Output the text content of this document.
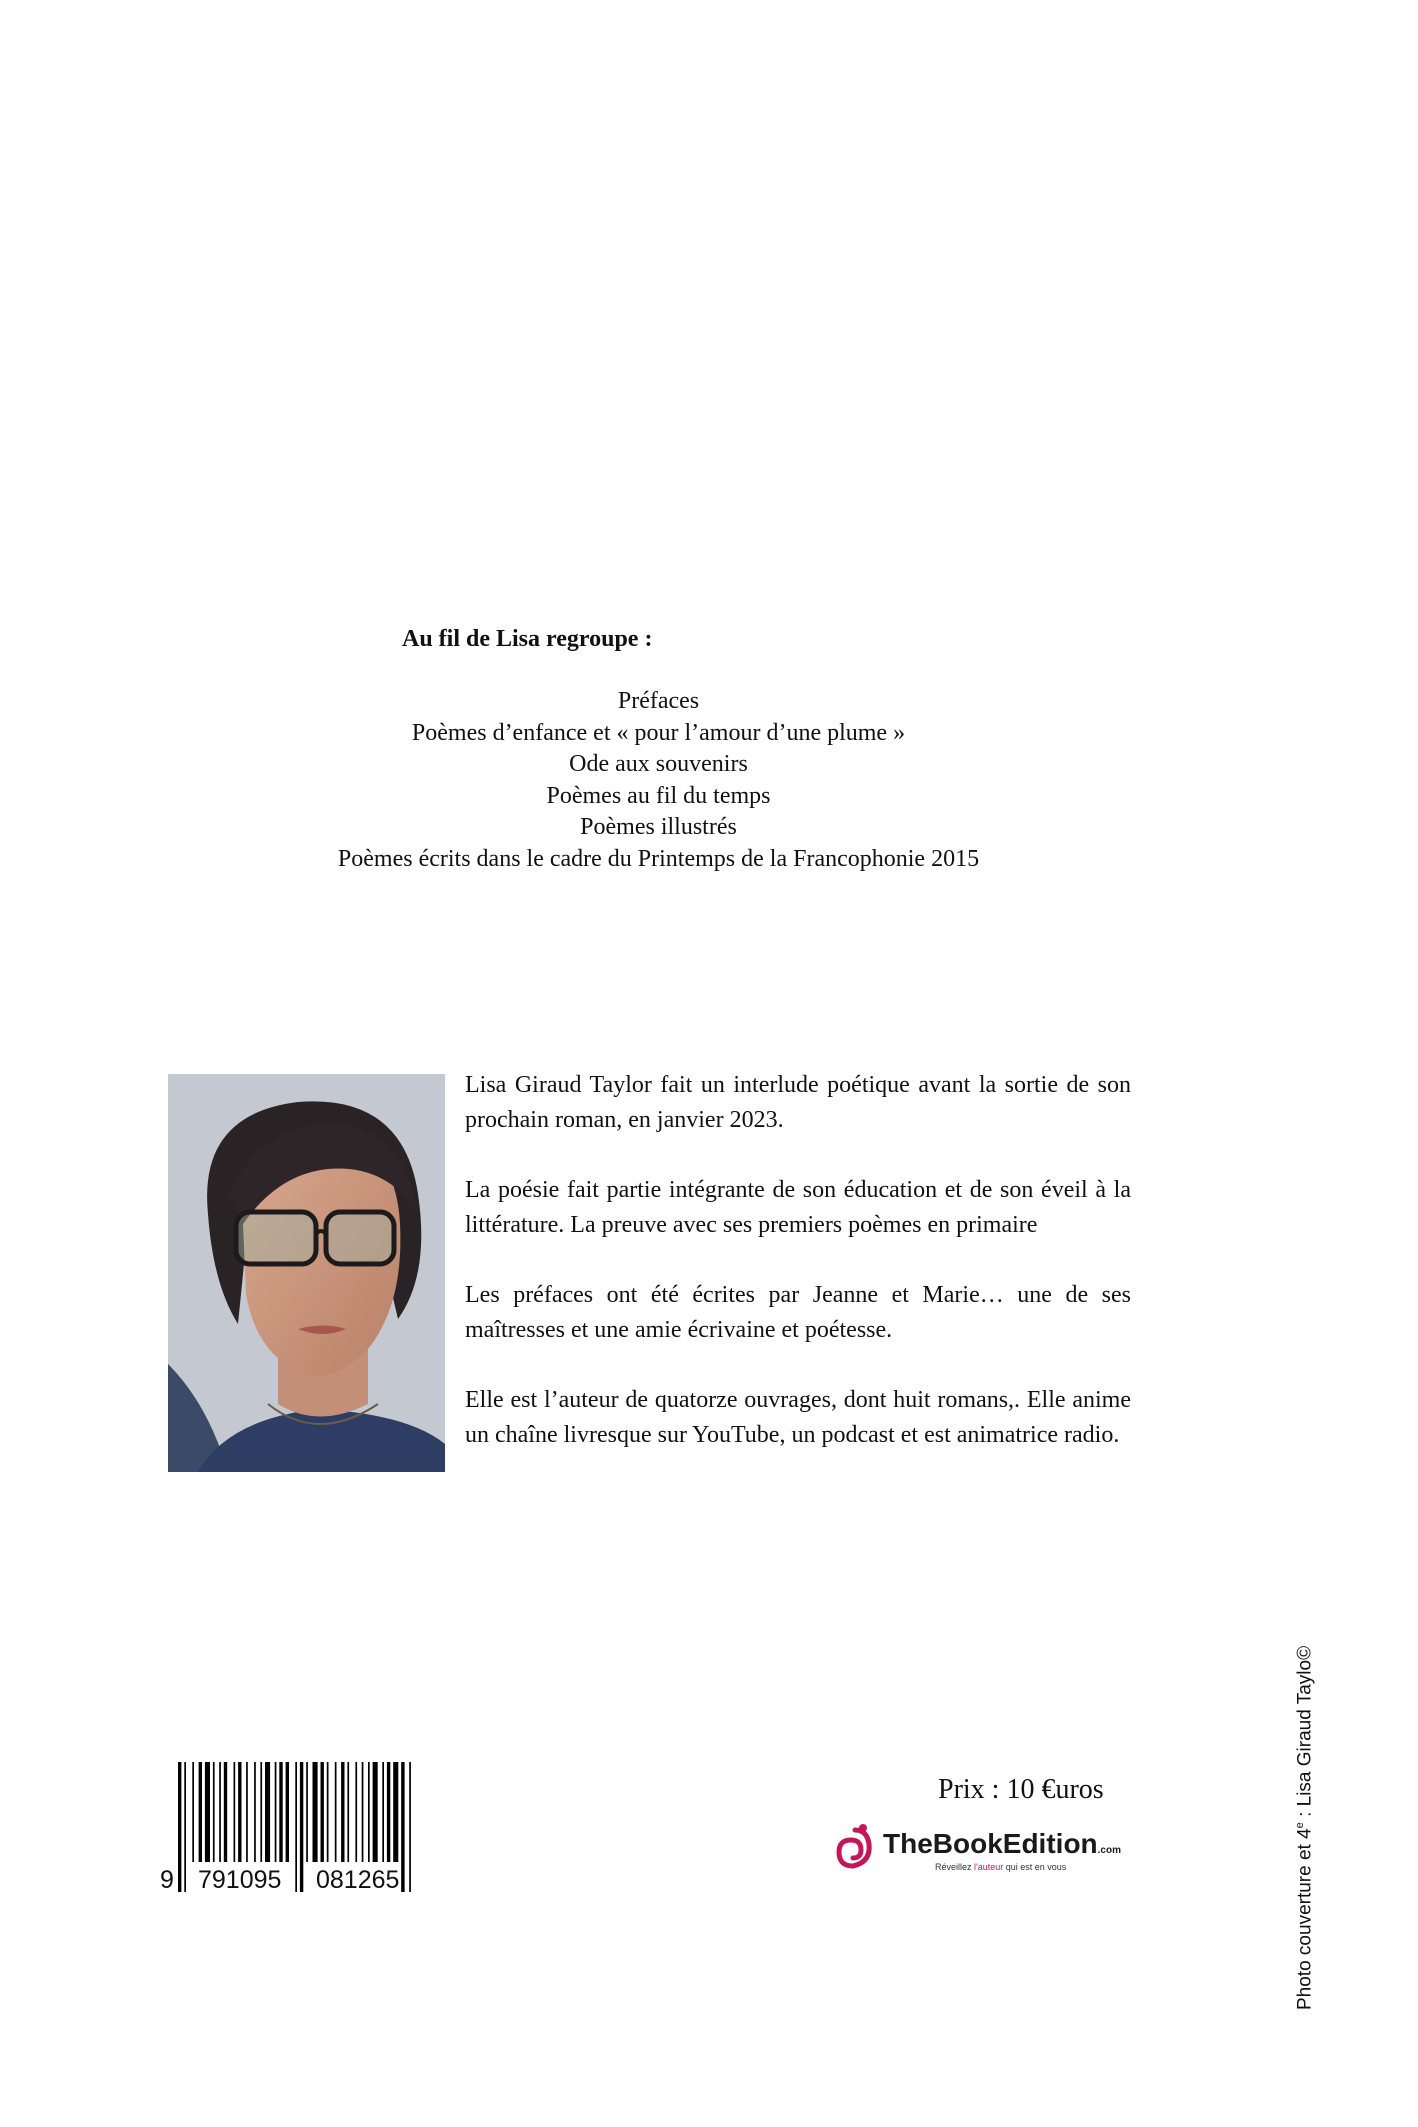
Au fil de Lisa regroupe :
Préfaces
Poèmes d’enfance et « pour l’amour d’une plume »
Ode aux souvenirs
Poèmes au fil du temps
Poèmes illustrés
Poèmes écrits dans le cadre du Printemps de la Francophonie 2015

Lisa Giraud Taylor fait un interlude poétique avant la sortie de son prochain roman, en janvier 2023.

La poésie fait partie intégrante de son éducation et de son éveil à la littérature. La preuve avec ses premiers poèmes en primaire

Les préfaces ont été écrites par Jeanne et Marie… une de ses maîtresses et une amie écrivaine et poétesse.

Elle est l’auteur de quatorze ouvrages, dont huit romans,. Elle anime un chaîne livresque sur YouTube, un podcast et est animatrice radio.

9 791095 081265
Prix : 10 €uros
TheBookEdition.com
Réveillez l'auteur qui est en vous	Photo couverture et 4e : Lisa Giraud Taylo©
